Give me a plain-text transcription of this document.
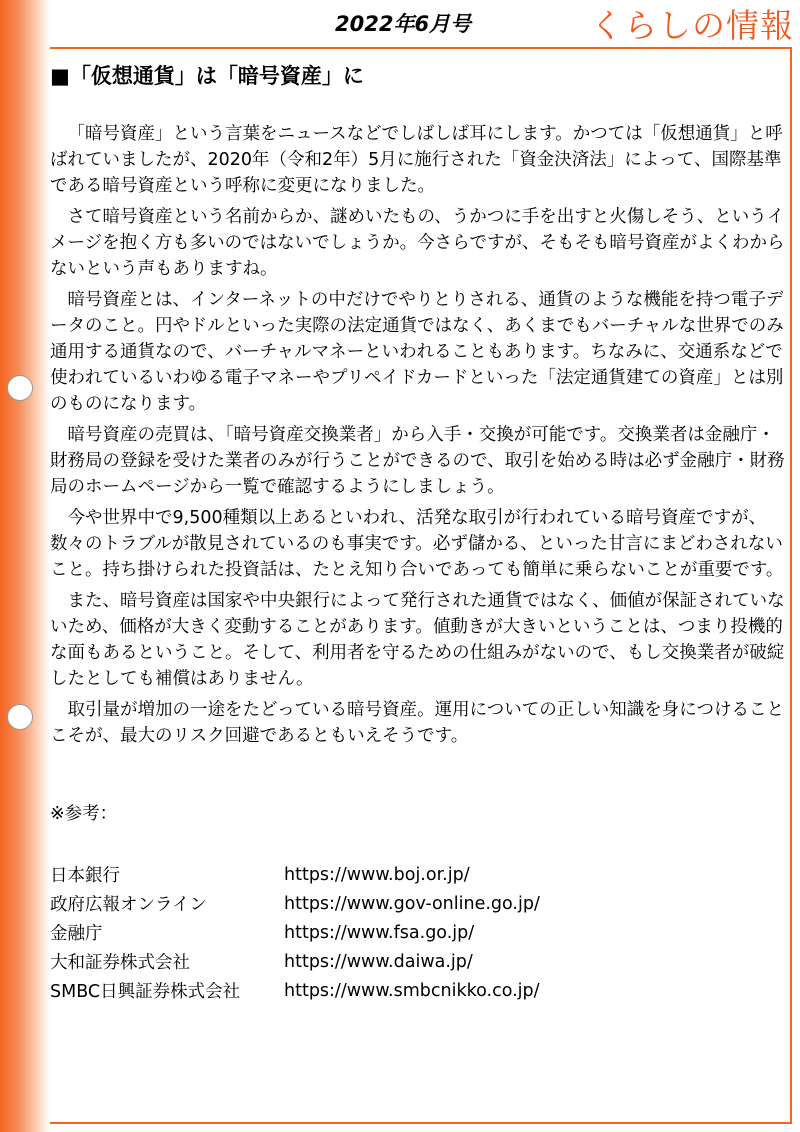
2022年6月号	くらしの情報
■「仮想通貨」は「暗号資産」に

「暗号資産」という言葉をニュースなどでしばしば耳にします。かつては「仮想通貨」と呼ばれていましたが、2020年（令和2年）5月に施行された「資金決済法」によって、国際基準である暗号資産という呼称に変更になりました。

さて暗号資産という名前からか、謎めいたもの、うかつに手を出すと火傷しそう、というイメージを抱く方も多いのではないでしょうか。今さらですが、そもそも暗号資産がよくわからないという声もありますね。

暗号資産とは、インターネットの中だけでやりとりされる、通貨のような機能を持つ電子データのこと。円やドルといった実際の法定通貨ではなく、あくまでもバーチャルな世界でのみ通用する通貨なので、バーチャルマネーといわれることもあります。ちなみに、交通系などで使われているいわゆる電子マネーやプリペイドカードといった「法定通貨建ての資産」とは別のものになります。

暗号資産の売買は、「暗号資産交換業者」から入手・交換が可能です。交換業者は金融庁・財務局の登録を受けた業者のみが行うことができるので、取引を始める時は必ず金融庁・財務局のホームページから一覧で確認するようにしましょう。

今や世界中で9,500種類以上あるといわれ、活発な取引が行われている暗号資産ですが、数々のトラブルが散見されているのも事実です。必ず儲かる、といった甘言にまどわされないこと。持ち掛けられた投資話は、たとえ知り合いであっても簡単に乗らないことが重要です。

また、暗号資産は国家や中央銀行によって発行された通貨ではなく、価値が保証されていないため、価格が大きく変動することがあります。値動きが大きいということは、つまり投機的な面もあるということ。そして、利用者を守るための仕組みがないので、もし交換業者が破綻したとしても補償はありません。

取引量が増加の一途をたどっている暗号資産。運用についての正しい知識を身につけることこそが、最大のリスク回避であるともいえそうです。

※参考：
日本銀行	https://www.boj.or.jp/
政府広報オンライン	https://www.gov-online.go.jp/
金融庁	https://www.fsa.go.jp/
大和証券株式会社	https://www.daiwa.jp/
SMBC日興証券株式会社	https://www.smbcnikko.co.jp/
